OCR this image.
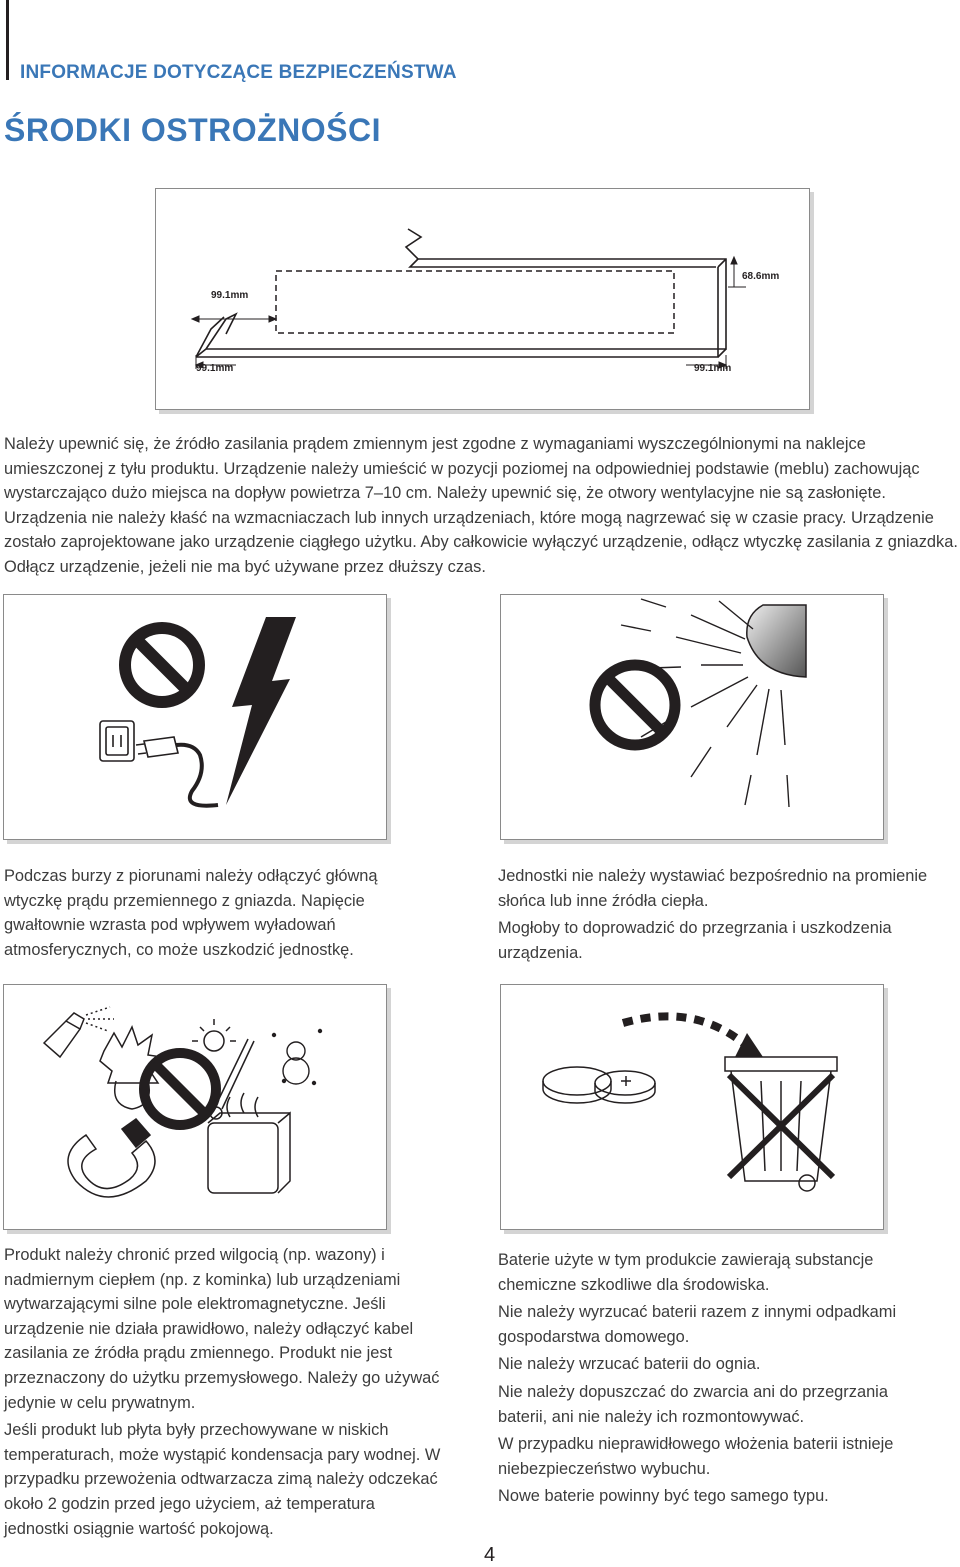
INFORMACJE DOTYCZĄCE BEZPIECZEŃSTWA
ŚRODKI OSTROŻNOŚCI
99.1mm
99.1mm	99.1mm
68.6mm
Należy upewnić się, że źródło zasilania prądem zmiennym jest zgodne z wymaganiami wyszczególnionymi na naklejce umieszczonej z tyłu produktu. Urządzenie należy umieścić w pozycji poziomej na odpowiedniej podstawie (meblu) zachowując wystarczająco dużo miejsca na dopływ powietrza 7–10 cm. Należy upewnić się, że otwory wentylacyjne nie są zasłonięte. Urządzenia nie należy kłaść na wzmacniaczach lub innych urządzeniach, które mogą nagrzewać się w czasie pracy. Urządzenie zostało zaprojektowane jako urządzenie ciągłego użytku. Aby całkowicie wyłączyć urządzenie, odłącz wtyczkę zasilania z gniazdka. Odłącz urządzenie, jeżeli nie ma być używane przez dłuższy czas.

Podczas burzy z piorunami należy odłączyć główną wtyczkę prądu przemiennego z gniazda. Napięcie gwałtownie wzrasta pod wpływem wyładowań atmosferycznych, co może uszkodzić jednostkę.

Jednostki nie należy wystawiać bezpośrednio na promienie słońca lub inne źródła ciepła.

Mogłoby to doprowadzić do przegrzania i uszkodzenia urządzenia.

Produkt należy chronić przed wilgocią (np. wazony) i nadmiernym ciepłem (np. z kominka) lub urządzeniami wytwarzającymi silne pole elektromagnetyczne. Jeśli urządzenie nie działa prawidłowo, należy odłączyć kabel zasilania ze źródła prądu zmiennego. Produkt nie jest przeznaczony do użytku przemysłowego. Należy go używać jedynie w celu prywatnym.

Jeśli produkt lub płyta były przechowywane w niskich temperaturach, może wystąpić kondensacja pary wodnej. W przypadku przewożenia odtwarzacza zimą należy odczekać około 2 godzin przed jego użyciem, aż temperatura jednostki osiągnie wartość pokojową.

Baterie użyte w tym produkcie zawierają substancje chemiczne szkodliwe dla środowiska.

Nie należy wyrzucać baterii razem z innymi odpadkami gospodarstwa domowego.

Nie należy wrzucać baterii do ognia.

Nie należy dopuszczać do zwarcia ani do przegrzania baterii, ani nie należy ich rozmontowywać.

W przypadku nieprawidłowego włożenia baterii istnieje niebezpieczeństwo wybuchu.

Nowe baterie powinny być tego samego typu.

4
